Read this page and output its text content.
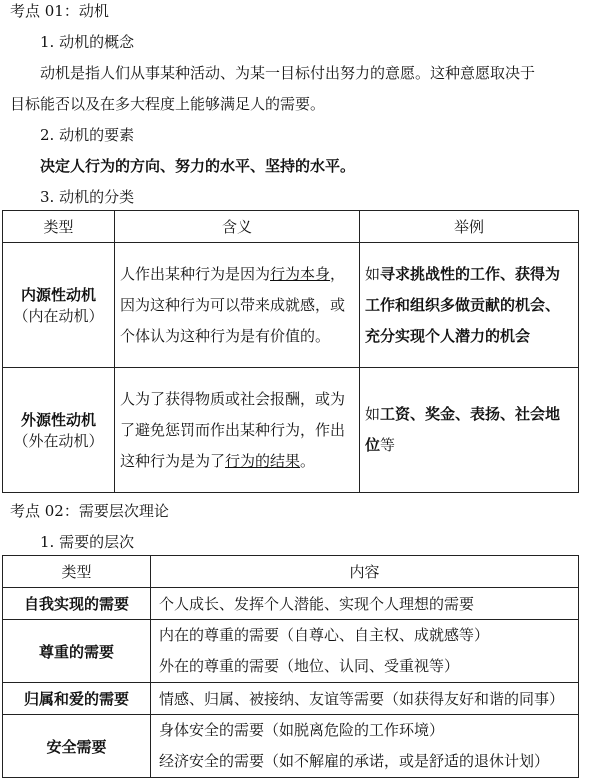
考点 01：动机
1. 动机的概念
动机是指人们从事某种活动、为某一目标付出努力的意愿。这种意愿取决于
目标能否以及在多大程度上能够满足人的需要。
2. 动机的要素
决定人行为的方向、努力的水平、坚持的水平。
3. 动机的分类
类型	含义	举例

内源性动机
（内在动机）	人作出某种行为是因为行为本身，因为这种行为可以带来成就感，或个体认为这种行为是有价值的。	如寻求挑战性的工作、获得为工作和组织多做贡献的机会、充分实现个人潜力的机会

外源性动机
（外在动机）	人为了获得物质或社会报酬，或为了避免惩罚而作出某种行为，作出这种行为是为了行为的结果。	如工资、奖金、表扬、社会地位等
考点 02：需要层次理论
1. 需要的层次
类型	内容
自我实现的需要	个人成长、发挥个人潜能、实现个人理想的需要
尊重的需要	内在的尊重的需要（自尊心、自主权、成就感等）
外在的尊重的需要（地位、认同、受重视等）

归属和爱的需要	情感、归属、被接纳、友谊等需要（如获得友好和谐的同事）
安全需要	身体安全的需要（如脱离危险的工作环境）
经济安全的需要（如不解雇的承诺，或是舒适的退休计划）
